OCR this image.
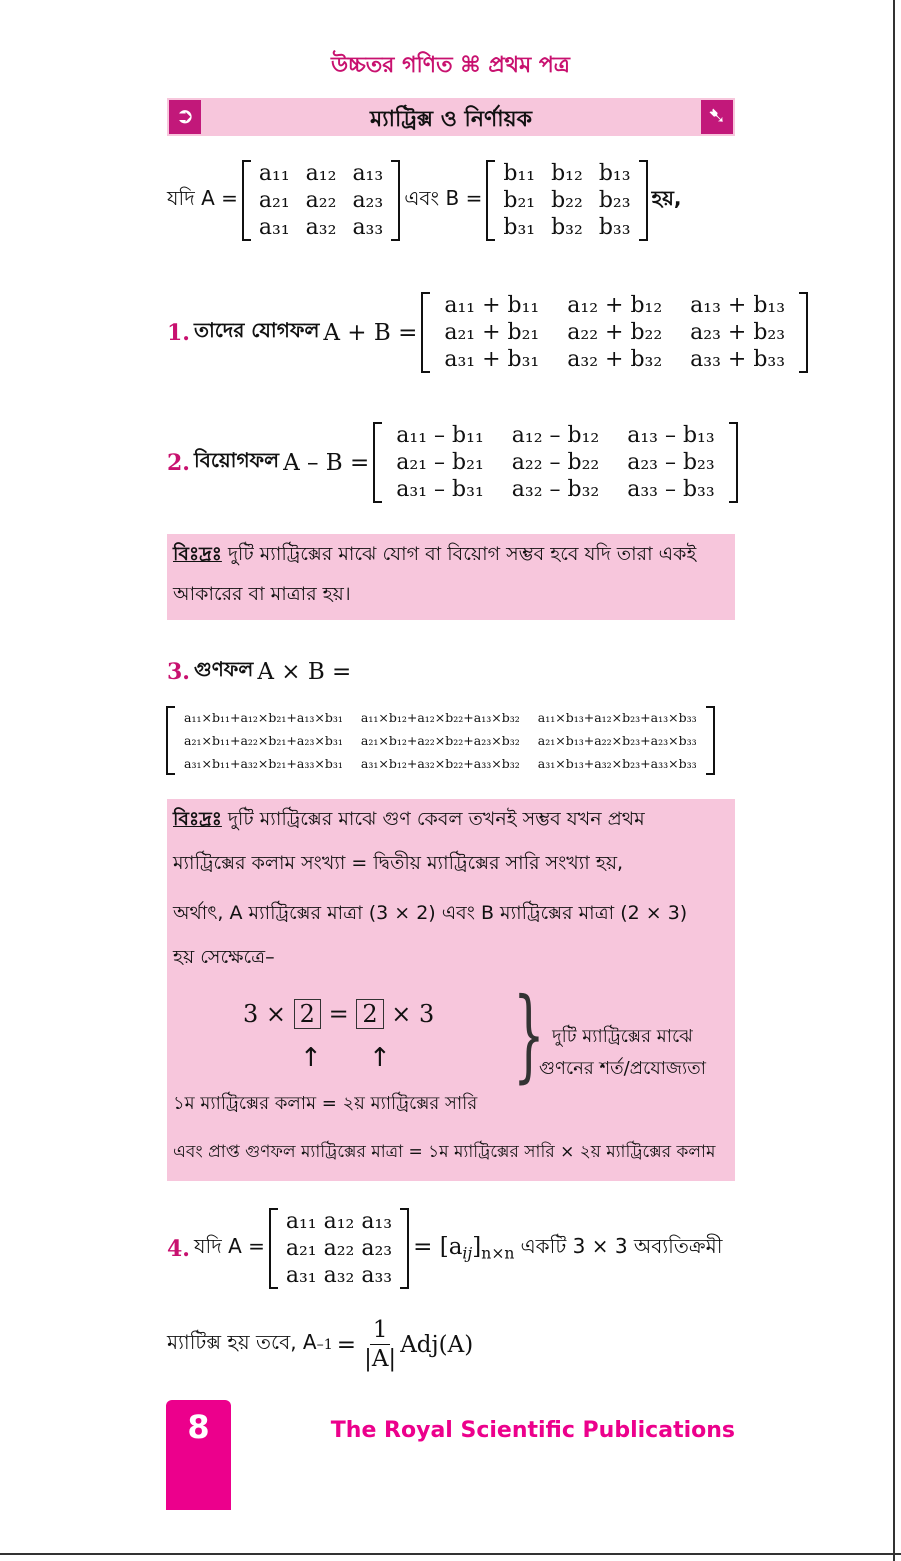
উচ্চতর গণিত ⌘ প্রথম পত্র
➲	ম্যাট্রিক্স ও নির্ণায়ক	➷
যদি A =
a₁₁	a₁₂	a₁₃
a₂₁	a₂₂	a₂₃
a₃₁	a₃₂	a₃₃
এবং B =
b₁₁	b₁₂	b₁₃
b₂₁	b₂₂	b₂₃
b₃₁	b₃₂	b₃₃
হয়,
1. তাদের যোগফল A + B =
a₁₁ + b₁₁	a₁₂ + b₁₂	a₁₃ + b₁₃
a₂₁ + b₂₁	a₂₂ + b₂₂	a₂₃ + b₂₃
a₃₁ + b₃₁	a₃₂ + b₃₂	a₃₃ + b₃₃
2. বিয়োগফল A – B =
a₁₁ – b₁₁	a₁₂ – b₁₂	a₁₃ – b₁₃
a₂₁ – b₂₁	a₂₂ – b₂₂	a₂₃ – b₂₃
a₃₁ – b₃₁	a₃₂ – b₃₂	a₃₃ – b₃₃

বিঃদ্রঃ দুটি ম্যাট্রিক্সের মাঝে যোগ বা বিয়োগ সম্ভব হবে যদি তারা একই

আকারের বা মাত্রার হয়।

3. গুণফল A × B =
a₁₁×b₁₁+a₁₂×b₂₁+a₁₃×b₃₁	a₁₁×b₁₂+a₁₂×b₂₂+a₁₃×b₃₂	a₁₁×b₁₃+a₁₂×b₂₃+a₁₃×b₃₃
a₂₁×b₁₁+a₂₂×b₂₁+a₂₃×b₃₁	a₂₁×b₁₂+a₂₂×b₂₂+a₂₃×b₃₂	a₂₁×b₁₃+a₂₂×b₂₃+a₂₃×b₃₃
a₃₁×b₁₁+a₃₂×b₂₁+a₃₃×b₃₁	a₃₁×b₁₂+a₃₂×b₂₂+a₃₃×b₃₂	a₃₁×b₁₃+a₃₂×b₂₃+a₃₃×b₃₃

বিঃদ্রঃ দুটি ম্যাট্রিক্সের মাঝে গুণ কেবল তখনই সম্ভব যখন প্রথম

ম্যাট্রিক্সের কলাম সংখ্যা = দ্বিতীয় ম্যাট্রিক্সের সারি সংখ্যা হয়,

অর্থাৎ, A ম্যাট্রিক্সের মাত্রা (3 × 2) এবং B ম্যাট্রিক্সের মাত্রা (2 × 3)

হয় সেক্ষেত্রে–

3 × 2 = 2 × 3
↑ ↑

১ম ম্যাট্রিক্সের কলাম = ২য় ম্যাট্রিক্সের সারি

} দুটি ম্যাট্রিক্সের মাঝে
গুণনের শর্ত/প্রযোজ্যতা

এবং প্রাপ্ত গুণফল ম্যাট্রিক্সের মাত্রা = ১ম ম্যাট্রিক্সের সারি × ২য় ম্যাট্রিক্সের কলাম

4. যদি A =
a₁₁ a₁₂ a₁₃
a₂₁ a₂₂ a₂₃
a₃₁ a₃₂ a₃₃
= $[a_{ij}]_{n\times n}$ একটি 3 × 3 অব্যতিক্রমী
ম্যাটিক্স হয় তবে, A $-1 = \frac{1}{|A|} Adj(A)$
8	The Royal Scientific Publications
